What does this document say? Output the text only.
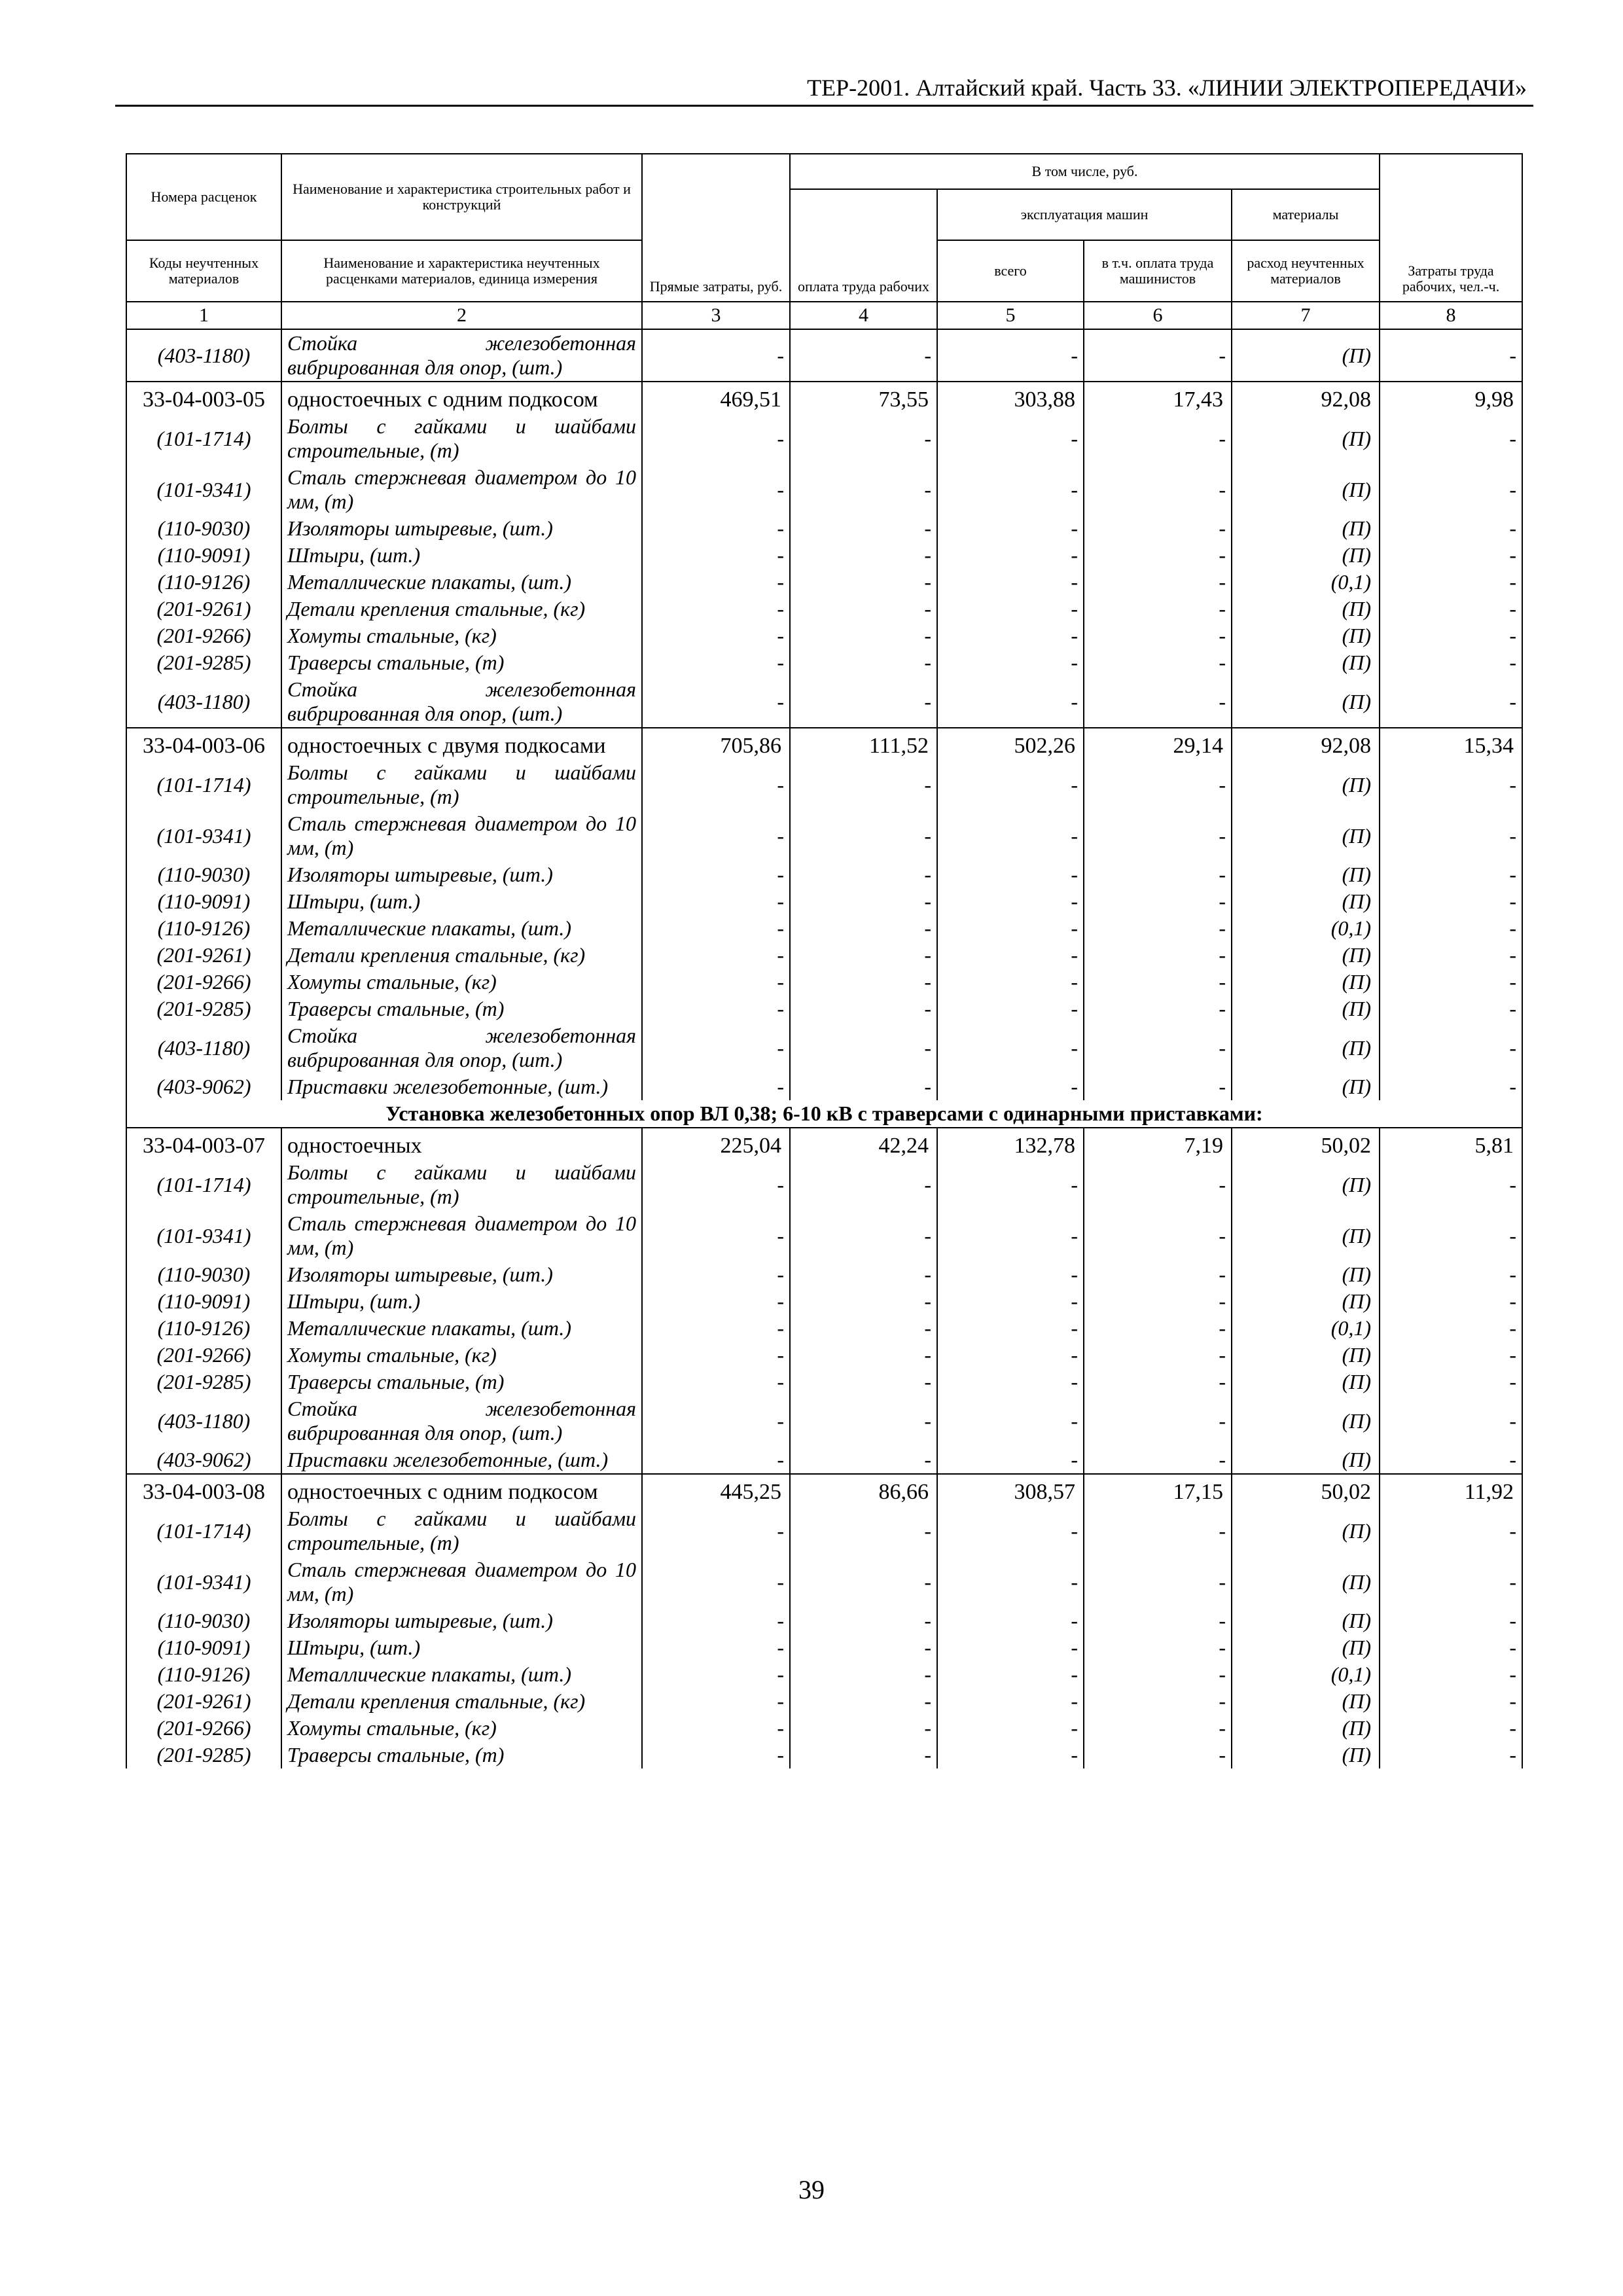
ТЕР-2001. Алтайский край. Часть 33. «ЛИНИИ ЭЛЕКТРОПЕРЕДАЧИ»
Номера расценок	Наименование и характеристика строительных работ и конструкций	Прямые затраты, руб.	В том числе, руб.				Затраты труда рабочих, чел.-ч.
			оплата труда рабочих	эксплуатация машин		материалы	
Коды неучтенных материалов	Наименование и характеристика неучтенных расценками материалов, единица измерения			всего	в т.ч. оплата труда машинистов	расход неучтенных материалов	
1	2	3	4	5	6	7	8
(403-1180)	Стойка железобетонная вибрированная для опор, (шт.)	-	-	-	-	(П)	-
33-04-003-05	одностоечных с одним подкосом	469,51	73,55	303,88	17,43	92,08	9,98
(101-1714)	Болты с гайками и шайбами строительные, (т)	-	-	-	-	(П)	-
(101-9341)	Сталь стержневая диаметром до 10 мм, (т)	-	-	-	-	(П)	-
(110-9030)	Изоляторы штыревые, (шт.)	-	-	-	-	(П)	-
(110-9091)	Штыри, (шт.)	-	-	-	-	(П)	-
(110-9126)	Металлические плакаты, (шт.)	-	-	-	-	(0,1)	-
(201-9261)	Детали крепления стальные, (кг)	-	-	-	-	(П)	-
(201-9266)	Хомуты стальные, (кг)	-	-	-	-	(П)	-
(201-9285)	Траверсы стальные, (т)	-	-	-	-	(П)	-
(403-1180)	Стойка железобетонная вибрированная для опор, (шт.)	-	-	-	-	(П)	-
33-04-003-06	одностоечных с двумя подкосами	705,86	111,52	502,26	29,14	92,08	15,34
(101-1714)	Болты с гайками и шайбами строительные, (т)	-	-	-	-	(П)	-
(101-9341)	Сталь стержневая диаметром до 10 мм, (т)	-	-	-	-	(П)	-
(110-9030)	Изоляторы штыревые, (шт.)	-	-	-	-	(П)	-
(110-9091)	Штыри, (шт.)	-	-	-	-	(П)	-
(110-9126)	Металлические плакаты, (шт.)	-	-	-	-	(0,1)	-
(201-9261)	Детали крепления стальные, (кг)	-	-	-	-	(П)	-
(201-9266)	Хомуты стальные, (кг)	-	-	-	-	(П)	-
(201-9285)	Траверсы стальные, (т)	-	-	-	-	(П)	-
(403-1180)	Стойка железобетонная вибрированная для опор, (шт.)	-	-	-	-	(П)	-
(403-9062)	Приставки железобетонные, (шт.)	-	-	-	-	(П)	-
Установка железобетонных опор ВЛ 0,38; 6-10 кВ с траверсами с одинарными приставками:							
33-04-003-07	одностоечных	225,04	42,24	132,78	7,19	50,02	5,81
(101-1714)	Болты с гайками и шайбами строительные, (т)	-	-	-	-	(П)	-
(101-9341)	Сталь стержневая диаметром до 10 мм, (т)	-	-	-	-	(П)	-
(110-9030)	Изоляторы штыревые, (шт.)	-	-	-	-	(П)	-
(110-9091)	Штыри, (шт.)	-	-	-	-	(П)	-
(110-9126)	Металлические плакаты, (шт.)	-	-	-	-	(0,1)	-
(201-9266)	Хомуты стальные, (кг)	-	-	-	-	(П)	-
(201-9285)	Траверсы стальные, (т)	-	-	-	-	(П)	-
(403-1180)	Стойка железобетонная вибрированная для опор, (шт.)	-	-	-	-	(П)	-
(403-9062)	Приставки железобетонные, (шт.)	-	-	-	-	(П)	-
33-04-003-08	одностоечных с одним подкосом	445,25	86,66	308,57	17,15	50,02	11,92
(101-1714)	Болты с гайками и шайбами строительные, (т)	-	-	-	-	(П)	-
(101-9341)	Сталь стержневая диаметром до 10 мм, (т)	-	-	-	-	(П)	-
(110-9030)	Изоляторы штыревые, (шт.)	-	-	-	-	(П)	-
(110-9091)	Штыри, (шт.)	-	-	-	-	(П)	-
(110-9126)	Металлические плакаты, (шт.)	-	-	-	-	(0,1)	-
(201-9261)	Детали крепления стальные, (кг)	-	-	-	-	(П)	-
(201-9266)	Хомуты стальные, (кг)	-	-	-	-	(П)	-
(201-9285)	Траверсы стальные, (т)	-	-	-	-	(П)	-
39
